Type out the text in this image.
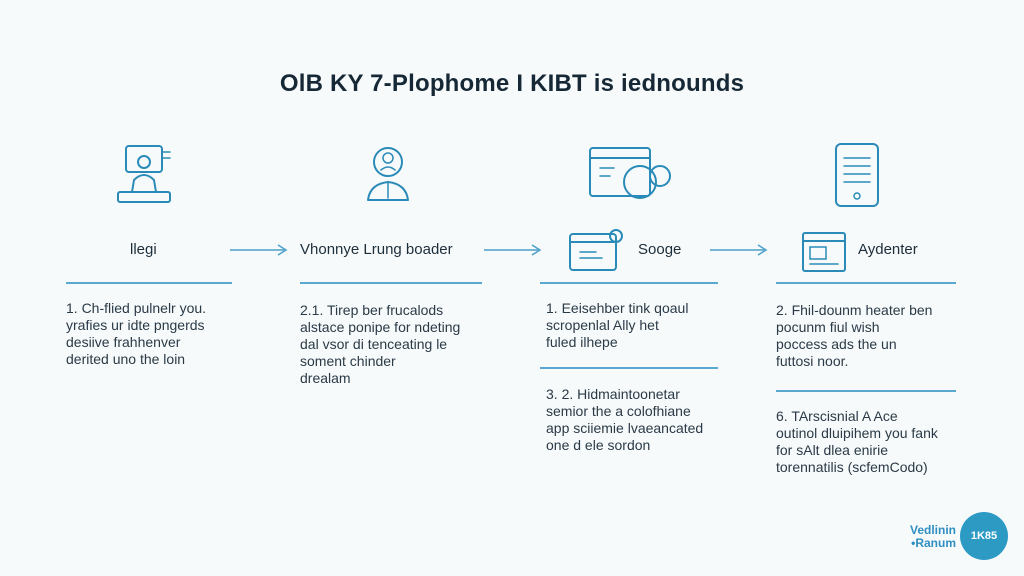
OlB KY 7-Plophome I KIBT is iednounds
llegi	Vhonnye Lrung boader	Sooge	Aydenter
1. Ch-flied pulnelr you.
yrafies ur idte pngerds
desiive frahhenver
derited uno the loin
2.1. Tirep ber frucalods
alstace ponipe for ndeting
dal vsor di tenceating le
soment chinder
drealam
1. Eeisehber tink qoaul
scropenlal Ally het
fuled ilhepe
3. 2. Hidmaintoonetar
semior the a colofhiane
app sciiemie lvaeancated
one d ele sordon
2. Fhil-dounm heater ben
pocunm fiul wish
poccess ads the un
futtosi noor.
6. TArscisnial A Ace
outinol dluipihem you fank
for sAlt dlea enirie
torennatilis (scfemCodo)
Vedlinin
•Ranum	1K85
